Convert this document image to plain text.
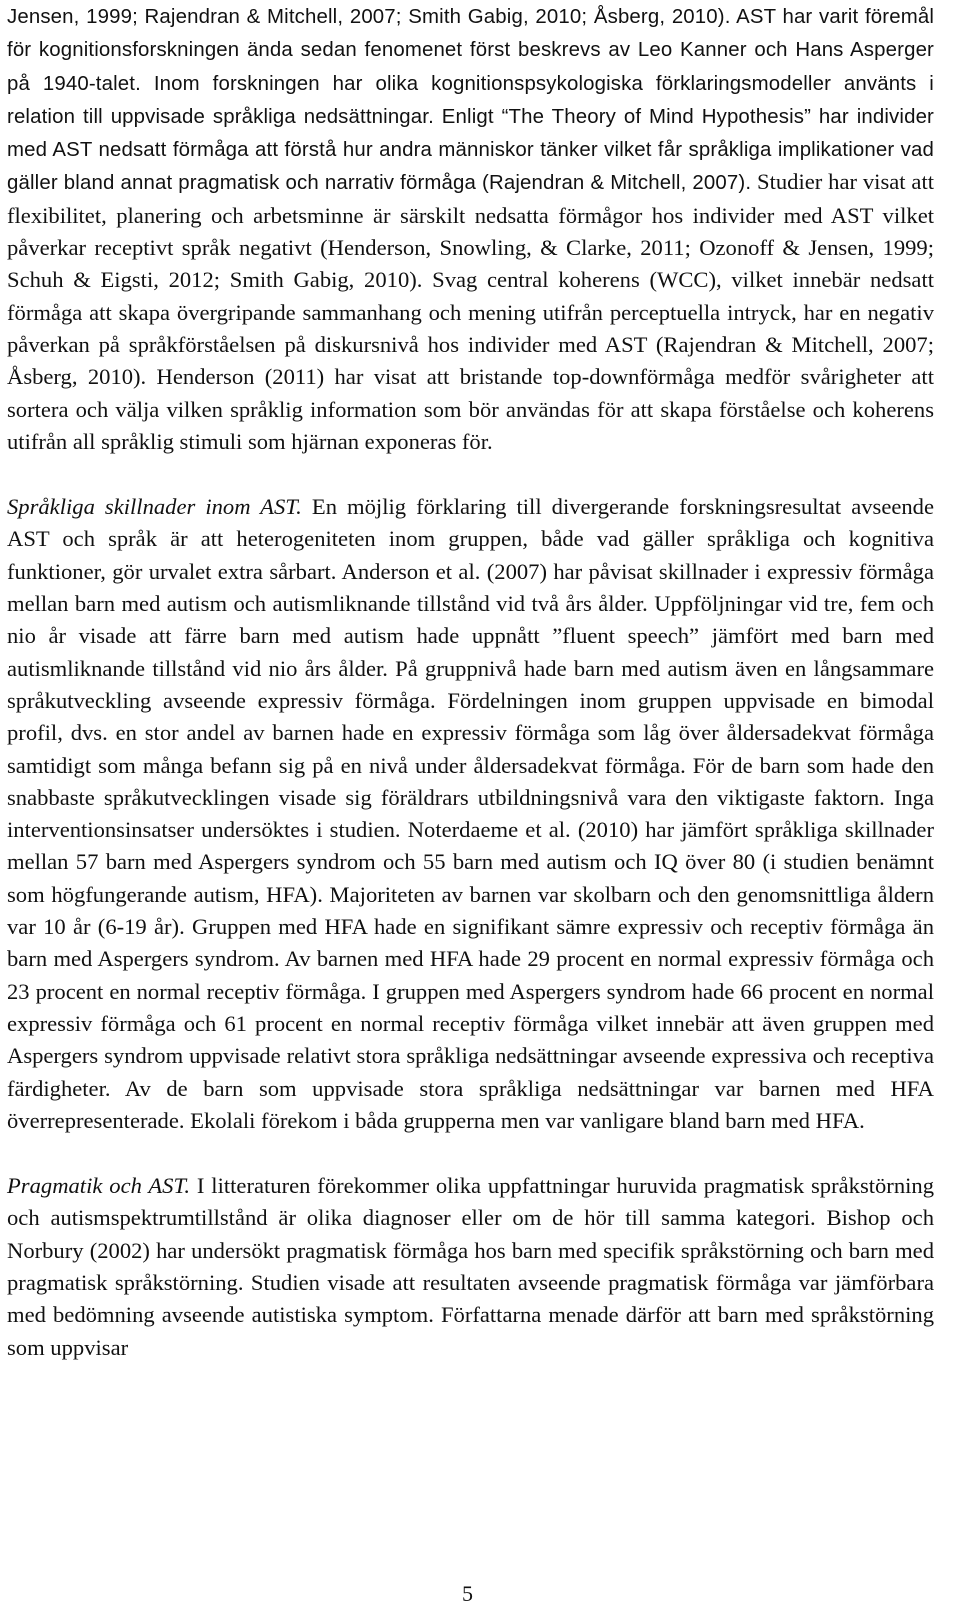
Jensen, 1999; Rajendran & Mitchell, 2007; Smith Gabig, 2010; Åsberg, 2010). AST har varit föremål för kognitionsforskningen ända sedan fenomenet först beskrevs av Leo Kanner och Hans Asperger på 1940-talet. Inom forskningen har olika kognitionspsykologiska förklaringsmodeller använts i relation till uppvisade språkliga nedsättningar. Enligt “The Theory of Mind Hypothesis” har individer med AST nedsatt förmåga att förstå hur andra människor tänker vilket får språkliga implikationer vad gäller bland annat pragmatisk och narrativ förmåga (Rajendran & Mitchell, 2007). Studier har visat att flexibilitet, planering och arbetsminne är särskilt nedsatta förmågor hos individer med AST vilket påverkar receptivt språk negativt (Henderson, Snowling, & Clarke, 2011; Ozonoff & Jensen, 1999; Schuh & Eigsti, 2012; Smith Gabig, 2010). Svag central koherens (WCC), vilket innebär nedsatt förmåga att skapa övergripande sammanhang och mening utifrån perceptuella intryck, har en negativ påverkan på språkförståelsen på diskursnivå hos individer med AST (Rajendran & Mitchell, 2007; Åsberg, 2010). Henderson (2011) har visat att bristande top-downförmåga medför svårigheter att sortera och välja vilken språklig information som bör användas för att skapa förståelse och koherens utifrån all språklig stimuli som hjärnan exponeras för.

Språkliga skillnader inom AST. En möjlig förklaring till divergerande forskningsresultat avseende AST och språk är att heterogeniteten inom gruppen, både vad gäller språkliga och kognitiva funktioner, gör urvalet extra sårbart. Anderson et al. (2007) har påvisat skillnader i expressiv förmåga mellan barn med autism och autismliknande tillstånd vid två års ålder. Uppföljningar vid tre, fem och nio år visade att färre barn med autism hade uppnått ”fluent speech” jämfört med barn med autismliknande tillstånd vid nio års ålder. På gruppnivå hade barn med autism även en långsammare språkutveckling avseende expressiv förmåga. Fördelningen inom gruppen uppvisade en bimodal profil, dvs. en stor andel av barnen hade en expressiv förmåga som låg över åldersadekvat förmåga samtidigt som många befann sig på en nivå under åldersadekvat förmåga. För de barn som hade den snabbaste språkutvecklingen visade sig föräldrars utbildningsnivå vara den viktigaste faktorn. Inga interventionsinsatser undersöktes i studien. Noterdaeme et al. (2010) har jämfört språkliga skillnader mellan 57 barn med Aspergers syndrom och 55 barn med autism och IQ över 80 (i studien benämnt som högfungerande autism, HFA). Majoriteten av barnen var skolbarn och den genomsnittliga åldern var 10 år (6-19 år). Gruppen med HFA hade en signifikant sämre expressiv och receptiv förmåga än barn med Aspergers syndrom. Av barnen med HFA hade 29 procent en normal expressiv förmåga och 23 procent en normal receptiv förmåga. I gruppen med Aspergers syndrom hade 66 procent en normal expressiv förmåga och 61 procent en normal receptiv förmåga vilket innebär att även gruppen med Aspergers syndrom uppvisade relativt stora språkliga nedsättningar avseende expressiva och receptiva färdigheter. Av de barn som uppvisade stora språkliga nedsättningar var barnen med HFA överrepresenterade. Ekolali förekom i båda grupperna men var vanligare bland barn med HFA.

Pragmatik och AST. I litteraturen förekommer olika uppfattningar huruvida pragmatisk språkstörning och autismspektrumtillstånd är olika diagnoser eller om de hör till samma kategori. Bishop och Norbury (2002) har undersökt pragmatisk förmåga hos barn med specifik språkstörning och barn med pragmatisk språkstörning. Studien visade att resultaten avseende pragmatisk förmåga var jämförbara med bedömning avseende autistiska symptom. Författarna menade därför att barn med språkstörning som uppvisar

5
